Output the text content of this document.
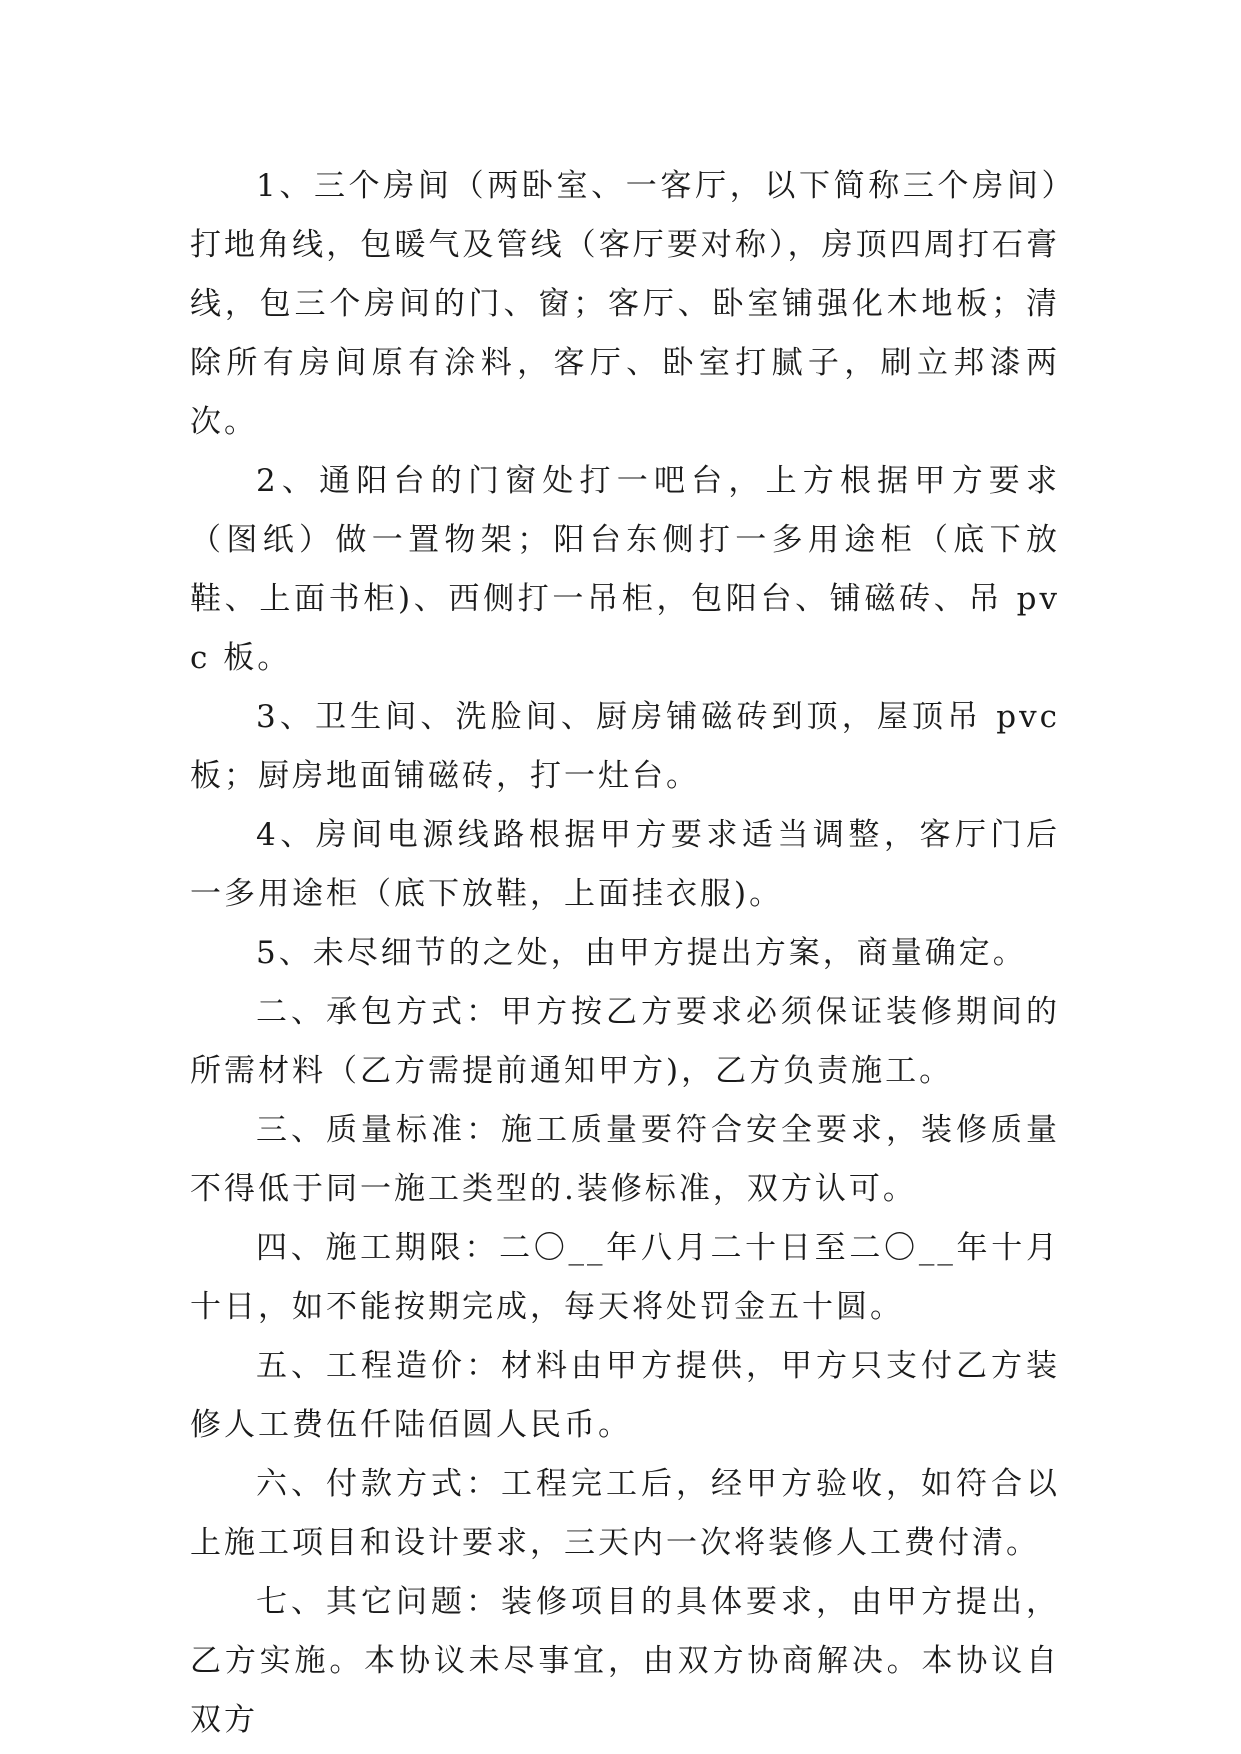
1、三个房间（两卧室、一客厅，以下简称三个房间）打地角线，包暖气及管线（客厅要对称），房顶四周打石膏线，包三个房间的门、窗；客厅、卧室铺强化木地板；清除所有房间原有涂料，客厅、卧室打腻子，刷立邦漆两次。

2、通阳台的门窗处打一吧台，上方根据甲方要求（图纸）做一置物架；阳台东侧打一多用途柜（底下放鞋、上面书柜)、西侧打一吊柜，包阳台、铺磁砖、吊 pvc 板。

3、卫生间、洗脸间、厨房铺磁砖到顶，屋顶吊 pvc 板；厨房地面铺磁砖，打一灶台。

4、房间电源线路根据甲方要求适当调整，客厅门后一多用途柜（底下放鞋，上面挂衣服)。

5、未尽细节的之处，由甲方提出方案，商量确定。

二、承包方式：甲方按乙方要求必须保证装修期间的所需材料（乙方需提前通知甲方)，乙方负责施工。

三、质量标准：施工质量要符合安全要求，装修质量不得低于同一施工类型的.装修标准，双方认可。

四、施工期限：二〇__年八月二十日至二〇__年十月十日，如不能按期完成，每天将处罚金五十圆。

五、工程造价：材料由甲方提供，甲方只支付乙方装修人工费伍仟陆佰圆人民币。

六、付款方式：工程完工后，经甲方验收，如符合以上施工项目和设计要求，三天内一次将装修人工费付清。

七、其它问题：装修项目的具体要求，由甲方提出，乙方实施。本协议未尽事宜，由双方协商解决。本协议自双方
